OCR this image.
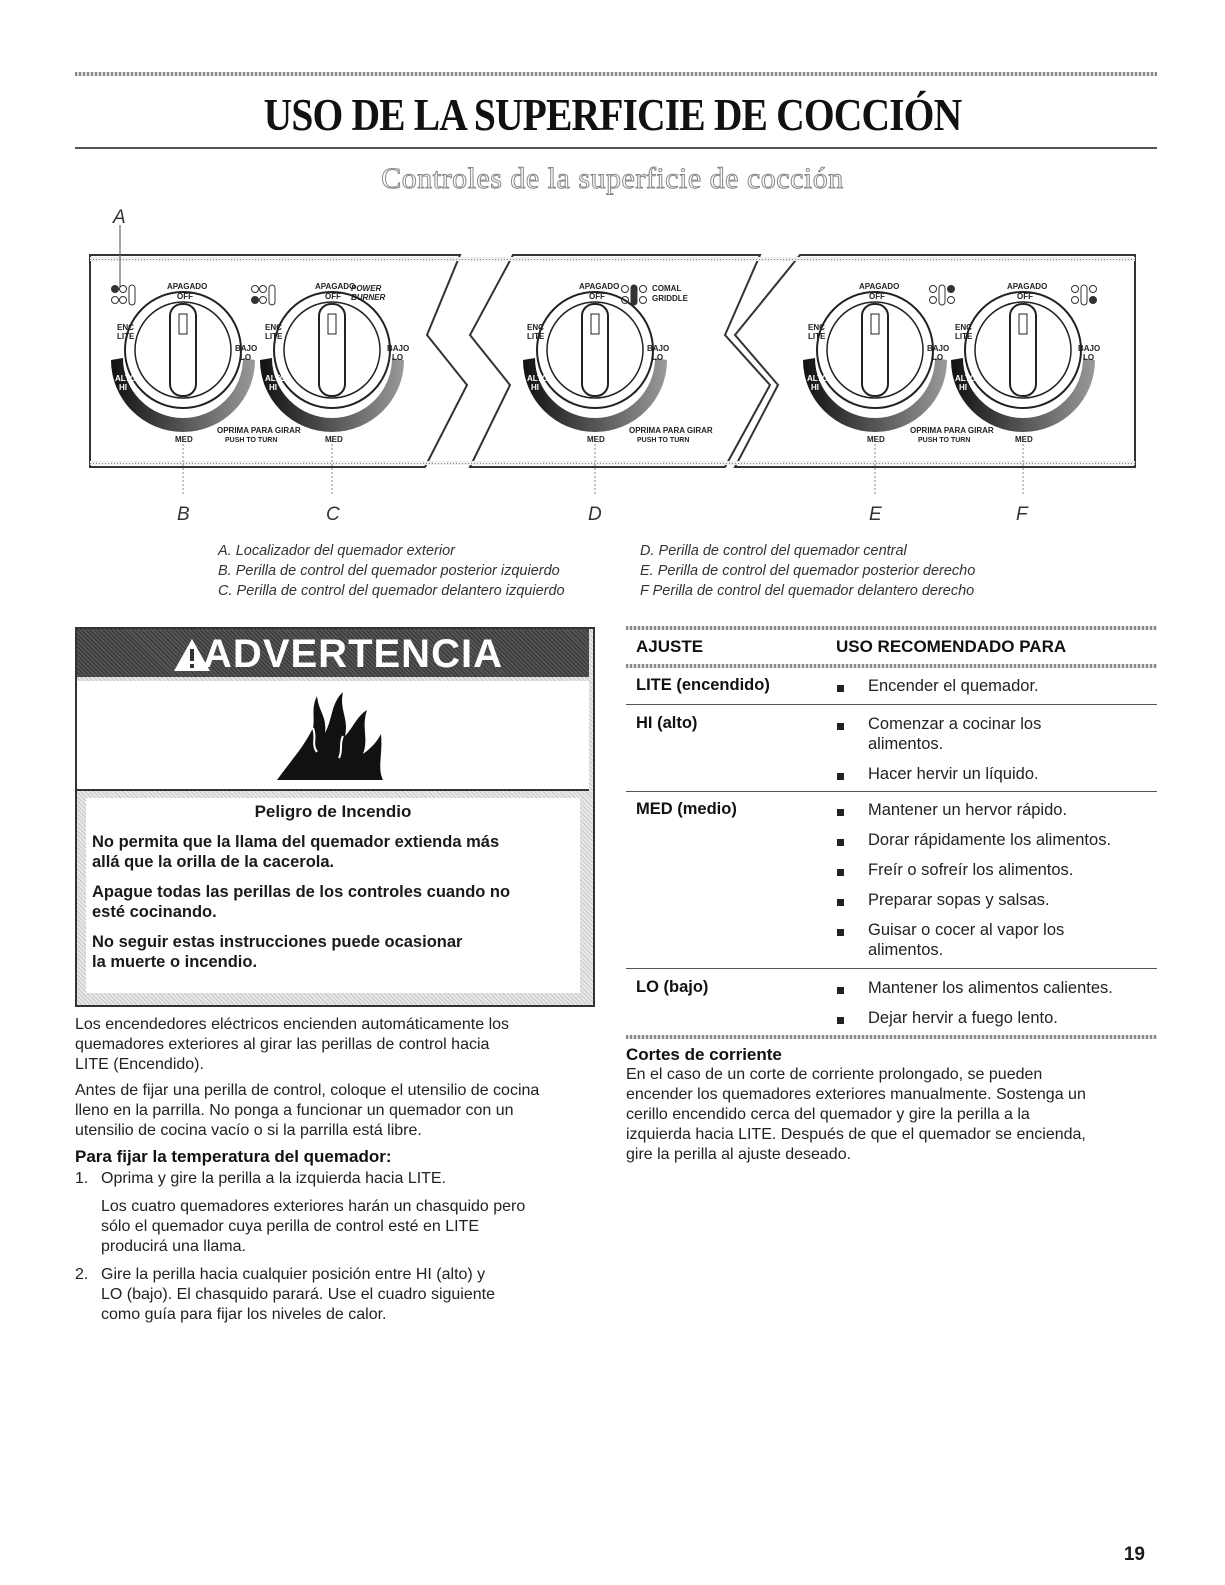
USO DE LA SUPERFICIE DE COCCIÓN
Controles de la superficie de cocción
APAGADO
OFF
APAGADO
OFF
POWER
BURNER
APAGADO
OFF
COMAL
GRIDDLE
APAGADO
OFF
APAGADO
OFF
ENC
LITE
ENC
LITE
ENC
LITE
ENC
LITE
ENC
LITE
BAJO
LO
BAJO
LO
BAJO
LO
BAJO
LO
BAJO
LO
MED	MED	MED	MED	MED
OPRIMA PARA GIRAR
PUSH TO TURN
OPRIMA PARA GIRAR
PUSH TO TURN
OPRIMA PARA GIRAR
PUSH TO TURN
ALTO
HI
ALTO
HI
ALTO
HI
ALTO
HI
ALTO
HI
A
B	C	D	E	F
A. Localizador del quemador exterior
B. Perilla de control del quemador posterior izquierdo
C. Perilla de control del quemador delantero izquierdo
D. Perilla de control del quemador central
E. Perilla de control del quemador posterior derecho
F Perilla de control del quemador delantero derecho
ADVERTENCIA
Peligro de Incendio
No permita que la llama del quemador extienda más
allá que la orilla de la cacerola.
Apague todas las perillas de los controles cuando no
esté cocinando.
No seguir estas instrucciones puede ocasionar
la muerte o incendio.
Los encendedores eléctricos encienden automáticamente los
quemadores exteriores al girar las perillas de control hacia
LITE (Encendido).
Antes de fijar una perilla de control, coloque el utensilio de cocina
lleno en la parrilla. No ponga a funcionar un quemador con un
utensilio de cocina vacío o si la parrilla está libre.
Para fijar la temperatura del quemador:
1. Oprima y gire la perilla a la izquierda hacia LITE.
Los cuatro quemadores exteriores harán un chasquido pero
sólo el quemador cuya perilla de control esté en LITE
producirá una llama.
2. Gire la perilla hacia cualquier posición entre HI (alto) y
LO (bajo). El chasquido parará. Use el cuadro siguiente
como guía para fijar los niveles de calor.
AJUSTE	USO RECOMENDADO PARA
LITE (encendido)	Encender el quemador.
HI (alto)	Comenzar a cocinar los
alimentos.
Hacer hervir un líquido.
MED (medio)	Mantener un hervor rápido.
Dorar rápidamente los alimentos.
Freír o sofreír los alimentos.
Preparar sopas y salsas.
Guisar o cocer al vapor los
alimentos.
LO (bajo)	Mantener los alimentos calientes.
Dejar hervir a fuego lento.
Cortes de corriente
En el caso de un corte de corriente prolongado, se pueden
encender los quemadores exteriores manualmente. Sostenga un
cerillo encendido cerca del quemador y gire la perilla a la
izquierda hacia LITE. Después de que el quemador se encienda,
gire la perilla al ajuste deseado.
19
